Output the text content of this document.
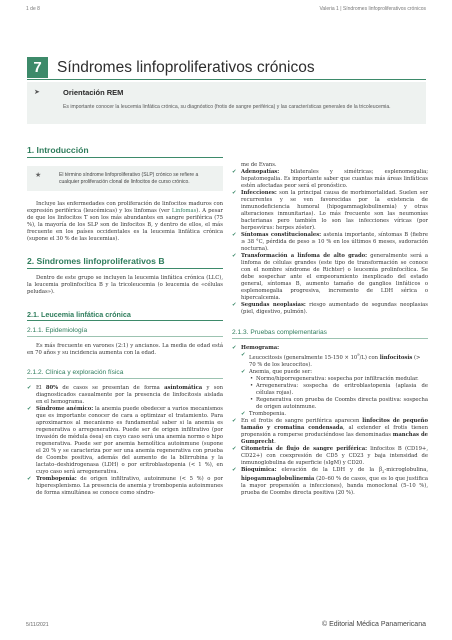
1 de 8	Valeria 1 | Síndromes linfoproliferativos crónicos
7 Síndromes linfoproliferativos crónicos
➤	Orientación REM
Es importante conocer la leucemia linfática crónica, su diagnóstico (frotis de sangre periférica) y las características generales de la tricoleucemia.
1. Introducción
★	El término síndrome linfoproliferativo (SLP) crónico se refiere a cualquier proliferación clonal de linfocitos de curso crónico.
Incluye las enfermedades con proliferación de linfocitos maduros con expresión periférica (leucémicas) y los linfomas (ver Linfomas). A pesar de que los linfocitos T son los más abundantes en sangre periférica (75 %), la mayoría de los SLP son de linfocitos B, y dentro de ellos, el más frecuente en los países occidentales es la leucemia linfática crónica (supone el 30 % de las leucemias).
2. Síndromes linfoproliferativos B
Dentro de este grupo se incluyen la leucemia linfática crónica (LLC), la leucemia prolinfocítica B y la tricoleucemia (o leucemia de «células peludas»).
2.1. Leucemia linfática crónica
2.1.1. Epidemiología
Es más frecuente en varones (2:1) y ancianos. La media de edad está en 70 años y su incidencia aumenta con la edad.
2.1.2. Clínica y exploración física
✔ El 80% de casos se presentan de forma asintomática y son diagnosticados casualmente por la presencia de linfocitosis aislada en el hemograma.
✔ Síndrome anémico: la anemia puede obedecer a varios mecanismos que es importante conocer de cara a optimizar el tratamiento. Para aproximarnos al mecanismo es fundamental saber si la anemia es regenerativa o arregenerativa. Puede ser de origen infiltrativo (por invasión de médula ósea) en cuyo caso será una anemia normo o hipo regenerativa. Puede ser por anemia hemolítica autoinmune (supone el 20 % y se caracteriza por ser una anemia regenerativa con prueba de Coombs positiva, además del aumento de la bilirrubina y la lactato–deshidrogenasa (LDH) o por eritroblastopenia (< 1 %), en cuyo caso será arregenerativa.
✔ Trombopenia: de origen infiltrativo, autoinmune (< 5 %) o por hiperesplenismo. La presencia de anemia y trombopenia autoinmunes de forma simultánea se conoce como síndro-
me de Evans.
✔ Adenopatías: bilaterales y simétricas; esplenomegalia; hepatomegalia. Es importante saber que cuantas más áreas linfáticas estén afectadas peor será el pronóstico.
✔ Infecciones: son la principal causa de morbimortalidad. Suelen ser recurrentes y se ven favorecidas por la existencia de inmunodeficiencia humoral (hipogammaglobulinemia) y otras alteraciones inmunitarias). Lo más frecuente son las neumonías bacterianas pero también lo son las infecciones víricas (por herpesvirus: herpes zóster).
✔ Síntomas constitucionales: astenia importante, síntomas B (fiebre ≥ 38 °C, pérdida de peso ≥ 10 % en los últimos 6 meses, sudoración nocturna).
✔ Transformación a linfoma de alto grado: generalmente será a linfoma de células grandes (este tipo de transformación se conoce con el nombre síndrome de Richter) o leucemia prolinfocítica. Se debe sospechar ante el empeoramiento inexplicado del estado general, síntomas B, aumento tamaño de ganglios linfáticos o esplenomegalia progresiva, incremento de LDH sérica o hipercalcemia.
✔ Segundas neoplasias: riesgo aumentado de segundas neoplasias (piel, digestivo, pulmón).
2.1.3. Pruebas complementarias
✔ Hemograma:
✔ Leucocitosis (generalmente $15-150 \times 10^9/L$) con linfocitosis (> 70 % de los leucocitos).
✔ Anemia, que puede ser:
• Normo/hiporregenerativa: sospecha por infiltración medular.
• Arregenerativa: sospecha de eritroblastopenia (aplasia de células rojas).
• Regenerativa con prueba de Coombs directa positiva: sospecha de origen autoinmune.
✔ Trombopenia.
✔ En el frotis de sangre periférica aparecen linfocitos de pequeño tamaño y cromatina condensada, al extender el frotis tienen propensión a romperse produciéndose las denominadas manchas de Gumprecht.
✔ Citometría de flujo de sangre periférica: linfocitos B (CD19+, CD22+) con coexpresión de CD5 y CD23 y baja intensidad de inmunoglobulina de superficie (sIgM) y CD20.
✔ Bioquímica: elevación de la LDH y de la $\beta_2$-microglobulina, hipogammaglobulinemia (20–60 % de casos, que es lo que justifica la mayor propensión a infecciones), banda monoclonal (5–10 %), prueba de Coombs directa positiva (20 %).
5/11/2021	© Editorial Médica Panamericana
